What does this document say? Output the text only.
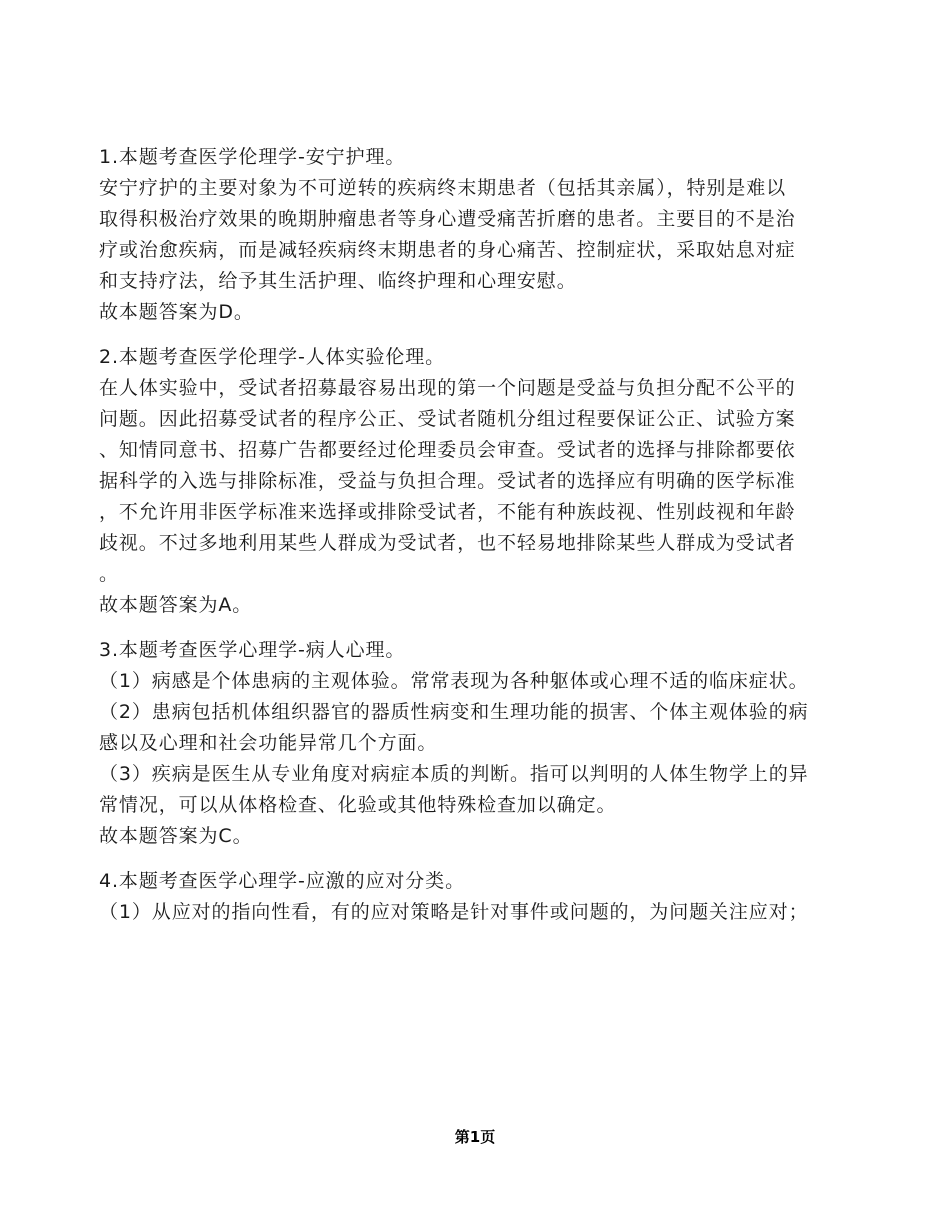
1.本题考查医学伦理学-安宁护理。
安宁疗护的主要对象为不可逆转的疾病终末期患者（包括其亲属），特别是难以
取得积极治疗效果的晚期肿瘤患者等身心遭受痛苦折磨的患者。主要目的不是治
疗或治愈疾病，而是减轻疾病终末期患者的身心痛苦、控制症状，采取姑息对症
和支持疗法，给予其生活护理、临终护理和心理安慰。
故本题答案为D。
2.本题考查医学伦理学-人体实验伦理。
在人体实验中，受试者招募最容易出现的第一个问题是受益与负担分配不公平的
问题。因此招募受试者的程序公正、受试者随机分组过程要保证公正、试验方案
、知情同意书、招募广告都要经过伦理委员会审查。受试者的选择与排除都要依
据科学的入选与排除标准，受益与负担合理。受试者的选择应有明确的医学标准
，不允许用非医学标准来选择或排除受试者，不能有种族歧视、性别歧视和年龄
歧视。不过多地利用某些人群成为受试者，也不轻易地排除某些人群成为受试者
。
故本题答案为A。
3.本题考查医学心理学-病人心理。
（1）病感是个体患病的主观体验。常常表现为各种躯体或心理不适的临床症状。
（2）患病包括机体组织器官的器质性病变和生理功能的损害、个体主观体验的病
感以及心理和社会功能异常几个方面。
（3）疾病是医生从专业角度对病症本质的判断。指可以判明的人体生物学上的异
常情况，可以从体格检查、化验或其他特殊检查加以确定。
故本题答案为C。
4.本题考查医学心理学-应激的应对分类。
（1）从应对的指向性看，有的应对策略是针对事件或问题的，为问题关注应对；
第1页
